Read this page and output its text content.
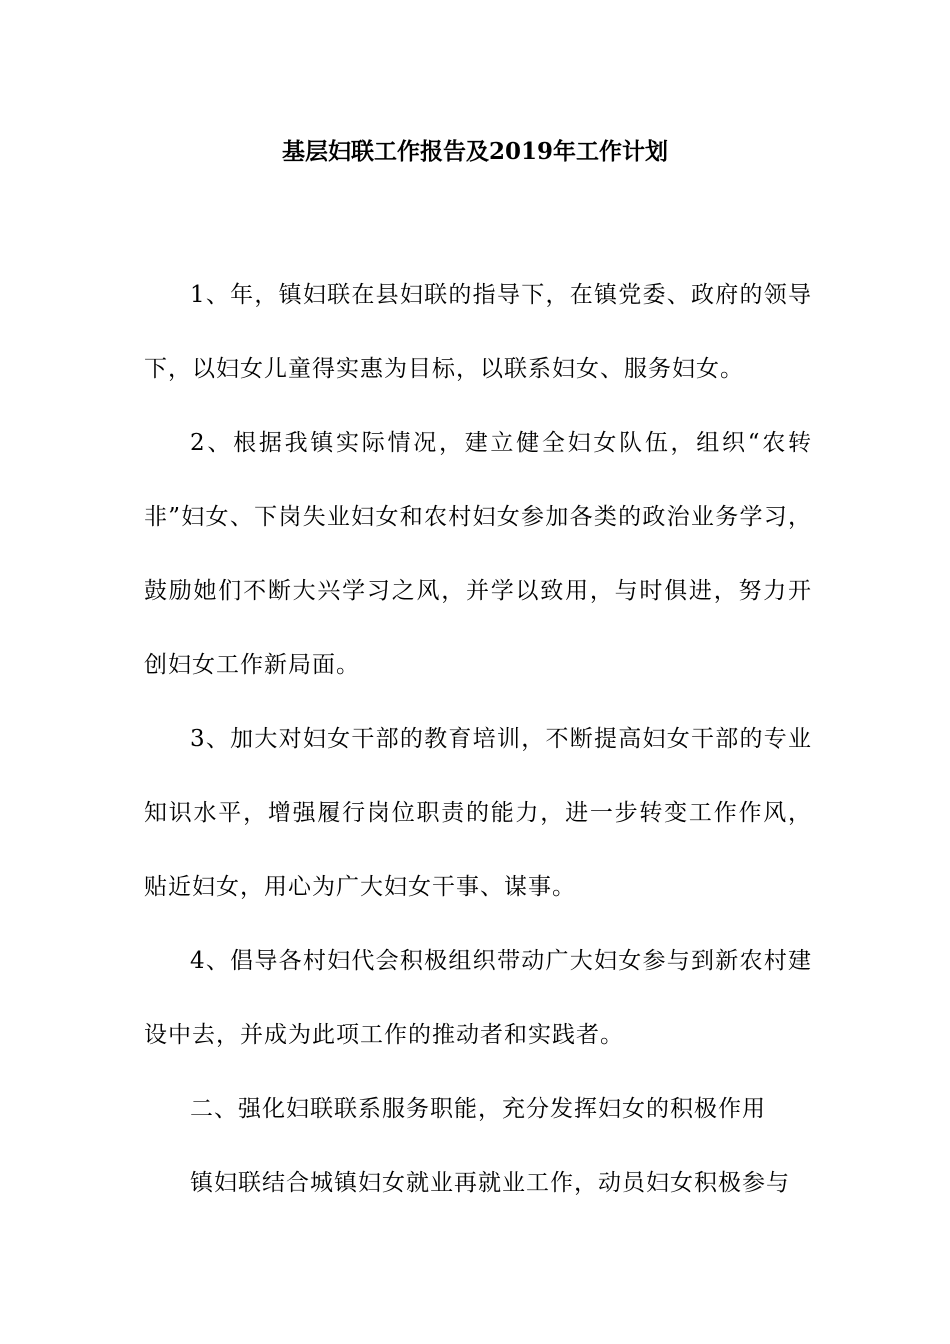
基层妇联工作报告及2019年工作计划

1、年，镇妇联在县妇联的指导下，在镇党委、政府的领导下，以妇女儿童得实惠为目标，以联系妇女、服务妇女。

2、根据我镇实际情况，建立健全妇女队伍，组织“农转非”妇女、下岗失业妇女和农村妇女参加各类的政治业务学习，鼓励她们不断大兴学习之风，并学以致用，与时俱进，努力开创妇女工作新局面。

3、加大对妇女干部的教育培训，不断提高妇女干部的专业知识水平，增强履行岗位职责的能力，进一步转变工作作风，贴近妇女，用心为广大妇女干事、谋事。

4、倡导各村妇代会积极组织带动广大妇女参与到新农村建设中去，并成为此项工作的推动者和实践者。

二、强化妇联联系服务职能，充分发挥妇女的积极作用

镇妇联结合城镇妇女就业再就业工作，动员妇女积极参与
